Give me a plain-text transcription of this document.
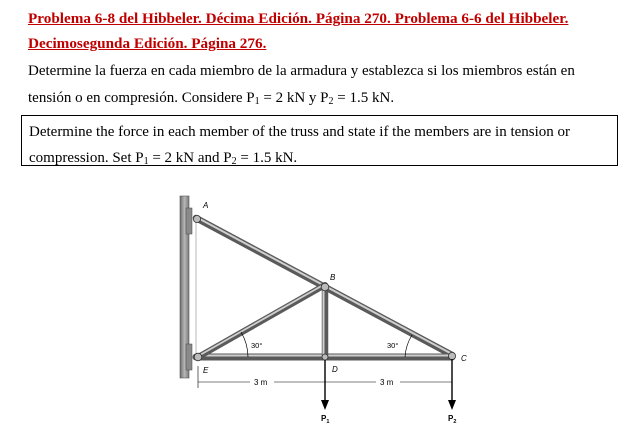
Problema 6-8 del Hibbeler. Décima Edición. Página 270. Problema 6-6 del Hibbeler.
Decimosegunda Edición. Página 276.
Determine la fuerza en cada miembro de la armadura y establezca si los miembros están en
tensión o en compresión. Considere $P_1 = 2$ kN y $P_2 = 1.5$ kN.
Determine the force in each member of the truss and state if the members are in tension or
compression. Set $P_1 = 2$ kN and $P_2 = 1.5$ kN.
A
B
C
D
E
30°	30°
3 m	3 m
$P_1$	$P_2$
